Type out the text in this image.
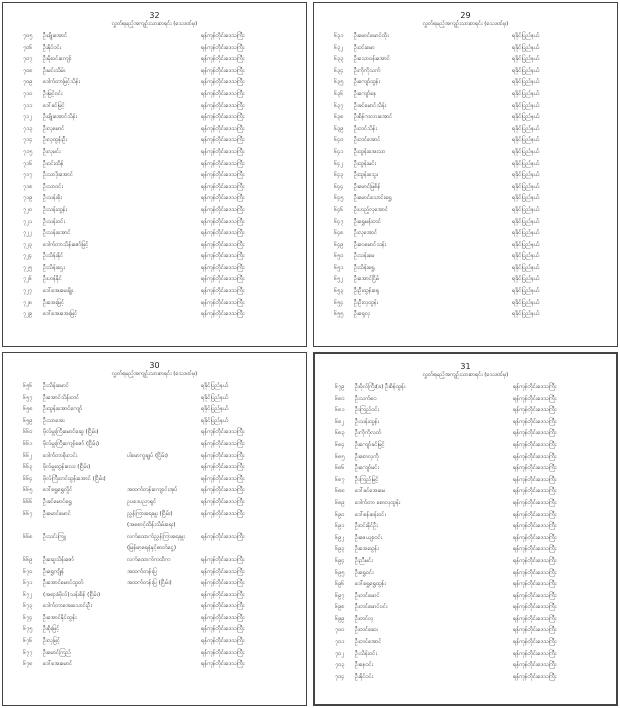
32
လွှတ်ရမည့်အကျဉ်းသားစာရင်း (သေဒဏ်မှ)
၇၀၅ ဦးဖျိုးအောင်	ရန်ကုန်တိုင်းဒေသကြီး
၇၀၆ ဦးနိုင်ဝင်း	ရန်ကုန်တိုင်းဒေသကြီး
၇၀၇ ဦးမိုးဝင်းကျော်	ရန်ကုန်တိုင်းဒေသကြီး
၇၀၈ ဦးမင်းသိမ်း	ရန်ကုန်တိုင်းဒေသကြီး
၇၀၉ ဒေါက်တာမြင့်သိန်း	ရန်ကုန်တိုင်းဒေသကြီး
၇၁၀ ဦးမြင့်ဝင်း	ရန်ကုန်တိုင်းဒေသကြီး
၇၁၁ ဒေါ်ခင်မြင့်	ရန်ကုန်တိုင်းဒေသကြီး
၇၁၂ ဦးဖျိုးအောင်သိန်း	ရန်ကုန်တိုင်းဒေသကြီး
၇၁၃ ဦးလှမောင်	ရန်ကုန်တိုင်းဒေသကြီး
၇၁၄ ဦးလှထွန်းဦး	ရန်ကုန်တိုင်းဒေသကြီး
၇၁၅ ဦးလှမင်း	ရန်ကုန်တိုင်းဒေသကြီး
၇၁၆ ဦးဝင်းထိန်	ရန်ကုန်တိုင်းဒေသကြီး
၇၁၇ ဦးသာဒိုးအောင်	ရန်ကုန်တိုင်းဒေသကြီး
၇၁၈ ဦးသာဝင်း	ရန်ကုန်တိုင်းဒေသကြီး
၇၁၉ ဦးသန်းစိုး	ရန်ကုန်တိုင်းဒေသကြီး
၇၂၀ ဦးသန်းထွန်း	ရန်ကုန်တိုင်းဒေသကြီး
၇၂၁ ဦးသန်းဝင်း	ရန်ကုန်တိုင်းဒေသကြီး
၇၂၂ ဦးသန်းအောင်	ရန်ကုန်တိုင်းဒေသကြီး
၇၂၃ ဒေါက်တာသိန်းဇော်မြင့်	ရန်ကုန်တိုင်းဒေသကြီး
၇၂၄ ဦးသိန်းနိုင်	ရန်ကုန်တိုင်းဒေသကြီး
၇၂၅ ဦးသိန်းဌေး	ရန်ကုန်တိုင်းဒေသကြီး
၇၂၆ ဦးဟန်နိုင်	ရန်ကုန်တိုင်းဒေသကြီး
၇၂၇ ဒေါ်အေးမေချိုး	ရန်ကုန်တိုင်းဒေသကြီး
၇၂၈ ဦးအေးမြင့်	ရန်ကုန်တိုင်းဒေသကြီး
၇၂၉ ဒေါ်အေးအေးမြင့်	ရန်ကုန်တိုင်းဒေသကြီး
29
လွှတ်ရမည့်အကျဉ်းသားစာရင်း (သေဒဏ်မှ)
၆၃၁ ဦးမောင်မောင်ထိုး	ရခိုင်ပြည်နယ်
၆၃၂ ဦးဝင်းမော	ရခိုင်ပြည်နယ်
၆၃၃ ဦးသောဝန်းအောင်	ရခိုင်ပြည်နယ်
၆၃၄ ဦးကိုကိုသက်	ရခိုင်ပြည်နယ်
၆၃၅ ဦးကျော်ထွန်း	ရခိုင်ပြည်နယ်
၆၃၆ ဦးကျော်နေ	ရခိုင်ပြည်နယ်
၆၃၇ ဦးခင်မောင်သိန်း	ရခိုင်ပြည်နယ်
၆၃၈ ဦးစိန်ကလားအောင်	ရခိုင်ပြည်နယ်
၆၃၉ ဦးတင်သိန်း	ရခိုင်ပြည်နယ်
၆၄၀ ဦးတင်အောင်	ရခိုင်ပြည်နယ်
၆၄၁ ဦးထွန်းအေးသာ	ရခိုင်ပြည်နယ်
၆၄၂ ဦးထွန်းမင်း	ရခိုင်ပြည်နယ်
၆၄၃ ဦးထွန်းသွေး	ရခိုင်ပြည်နယ်
၆၄၄ ဦးမောင်မြစိန်	ရခိုင်ပြည်နယ်
၆၄၅ ဦးမောင်သောင်းရွှေ	ရခိုင်ပြည်နယ်
၆၄၆ ဦးဟည့်လှအောင်	ရခိုင်ပြည်နယ်
၆၄၇ ဦးရွှေမန်းတင်	ရခိုင်ပြည်နယ်
၆၄၈ ဦးလှအောင်	ရခိုင်ပြည်နယ်
၆၄၉ ဦးဝေမောင်သန်း	ရခိုင်ပြည်နယ်
၆၅၀ ဦးသန်းမေ	ရခိုင်ပြည်နယ်
၆၅၁ ဦးသိန်းရွှေ	ရခိုင်ပြည်နယ်
၆၅၂ ဦးအောင်ငြိမ်	ရခိုင်ပြည်နယ်
၆၅၃ ဦးဦးထွန်းရှေ	ရခိုင်ပြည်နယ်
၆၅၄ ဦးဦးလှထွန်း	ရခိုင်ပြည်နယ်
၆၅၅ ဦးရှေလှ	ရခိုင်ပြည်နယ်
30
လွှတ်ရမည့်အကျဉ်းသားစာရင်း (သေဒဏ်မှ)
၆၅၆ ဦးသိန်းမောင်	ရခိုင်ပြည်နယ်
၆၅၇ ဦးအောင်သိန်းတင်	ရခိုင်ပြည်နယ်
၆၅၈ ဦးထွန်းအောင်ကျော်	ရခိုင်ပြည်နယ်
၆၅၉ ဦးသာအေး	ရခိုင်ပြည်နယ်
၆၆၀ ဗိုလ်မှူးကြီးမောင်ဆွေ (ငြိမ်း)	ရန်ကုန်တိုင်းဒေသကြီး
၆၆၁ ဗိုလ်မှူးကြီးကျော်ဇော် (ငြိမ်း)	ရန်ကုန်တိုင်းဒေသကြီး
၆၆၂ ဒေါက်တာစိုးလင်း	ပါမောက္ခချုပ် (ငြိမ်း)	ရန်ကုန်တိုင်းဒေသကြီး
၆၆၃ ဗိုလ်မှူးထွန်းလေး (ငြိမ်း)	ရန်ကုန်တိုင်းဒေသကြီး
၆၆၄ ဗိုလ်ကြီးတင်ထွန်းအောင် (ငြိမ်း)	ရန်ကုန်တိုင်းဒေသကြီး
၆၆၅ ဒေါ်ရွှေရွှေလှိုင်	အထက်တန်းကျောင်းအုပ်	ရန်ကုန်တိုင်းဒေသကြီး
၆၆၆ ဦးခင်မောင်ရွှေ	ဥပဒေပညာရှင်	ရန်ကုန်တိုင်းဒေသကြီး
၆၆၇ ဦးမောင်မောင်	ညွှန်ကြားရေးမှူး (ငြိမ်း)	ရန်ကုန်တိုင်းဒေသကြီး
(အစောင့်ထိန်းသိမ်းရေး)
၆၆၈ ဦးသင်းကြူ	လက်ထောက်ညွှန်ကြားရေးမှူး	ရန်ကုန်တိုင်းဒေသကြီး
(မြန်မာ့ရေနံနှင့်ဓာတ်ငွေ့)
၆၆၉ ဦးဆွေသိန်းဇော်	လက်ထောက်ကထိက	ရန်ကုန်တိုင်းဒေသကြီး
၆၇၀ ဦးရွှေကျိုန်	အထက်တန်းပြ	ရန်ကုန်တိုင်းဒေသကြီး
၆၇၁ ဦးအောင်မောင်ထွတ်	အထက်တန်းပြ (ငြိမ်း)	ရန်ကုန်တိုင်းဒေသကြီး
၆၇၂ (အရာခံဗိုလ်)သန်းစိန် (ငြိမ်း)	ရန်ကုန်တိုင်းဒေသကြီး
၆၇၃ ဒေါက်တာအေးသောင်းဦး	ရန်ကုန်တိုင်းဒေသကြီး
၆၇၄ ဦးအောင်နိုင်ထွန်း	ရန်ကုန်တိုင်းဒေသကြီး
၆၇၅ ဦးစိုးမြင့်	ရန်ကုန်တိုင်းဒေသကြီး
၆၇၆ ဦးလှမြင့်	ရန်ကုန်တိုင်းဒေသကြီး
၆၇၇ ဦးမောင်ကြည်	ရန်ကုန်တိုင်းဒေသကြီး
၆၇၈ ဒေါ်အေးမောင်	ရန်ကုန်တိုင်းဒေသကြီး
31
လွှတ်ရမည့်အကျဉ်းသားစာရင်း (သေဒဏ်မှ)
၆၇၉ ဦးဗိုလ်ကြီး(ခ) ဦးစိန်ထွန်း	ရန်ကုန်တိုင်းဒေသကြီး
၆၈၀ ဦးသက်ဝေ	ရန်ကုန်တိုင်းဒေသကြီး
၆၈၁ ဦးကြည်ဝင်း	ရန်ကုန်တိုင်းဒေသကြီး
၆၈၂ ဦးသန်းထွန်း	ရန်ကုန်တိုင်းဒေသကြီး
၆၈၃ ဦးကိုကိုလတ်	ရန်ကုန်တိုင်းဒေသကြီး
၆၈၄ ဦးကျော်ခင်မြင့်	ရန်ကုန်တိုင်းဒေသကြီး
၆၈၅ ဦးစောလှကို	ရန်ကုန်တိုင်းဒေသကြီး
၆၈၆ ဦးကျော်မင်း	ရန်ကုန်တိုင်းဒေသကြီး
၆၈၇ ဦးကြည်မြင့်	ရန်ကုန်တိုင်းဒေသကြီး
၆၈၈ ဒေါ်ခင်အေးမေ	ရန်ကုန်တိုင်းဒေသကြီး
၆၈၉ ဒေါက်တာ စောလှထွန်း	ရန်ကုန်တိုင်းဒေသကြီး
၆၉၀ ဒေါ်စန်းစန်းဝင်း	ရန်ကုန်တိုင်းဒေသကြီး
၆၉၁ ဦးဝင်းနိုင်ဦး	ရန်ကုန်တိုင်းဒေသကြီး
၆၉၂ ဦးဇေယျာဝင်း	ရန်ကုန်တိုင်းဒေသကြီး
၆၉၃ ဦးအေးထွန်း	ရန်ကုန်တိုင်းဒေသကြီး
၆၉၄ ဦးညီမင်း	ရန်ကုန်တိုင်းဒေသကြီး
၆၉၅ ဦးရွှေဝင်း	ရန်ကုန်တိုင်းဒေသကြီး
၆၉၆ ဒေါ်ရွှေရွှေထွန်း	ရန်ကုန်တိုင်းဒေသကြီး
၆၉၇ ဦးတင်မောင်	ရန်ကုန်တိုင်းဒေသကြီး
၆၉၈ ဦးတင်မောင်ဝင်း	ရန်ကုန်တိုင်းဒေသကြီး
၆၉၉ ဦးတင်လှ	ရန်ကုန်တိုင်းဒေသကြီး
၇၀၀ ဦးတင်ဆေး	ရန်ကုန်တိုင်းဒေသကြီး
၇၀၁ ဦးတင်အောင်	ရန်ကုန်တိုင်းဒေသကြီး
၇၀၂ ဦးသိန်းဝင်း	ရန်ကုန်တိုင်းဒေသကြီး
၇၀၃ ဦးနေဝင်း	ရန်ကုန်တိုင်းဒေသကြီး
၇၀၄ ဦးနိုင်ဝင်း	ရန်ကုန်တိုင်းဒေသကြီး
